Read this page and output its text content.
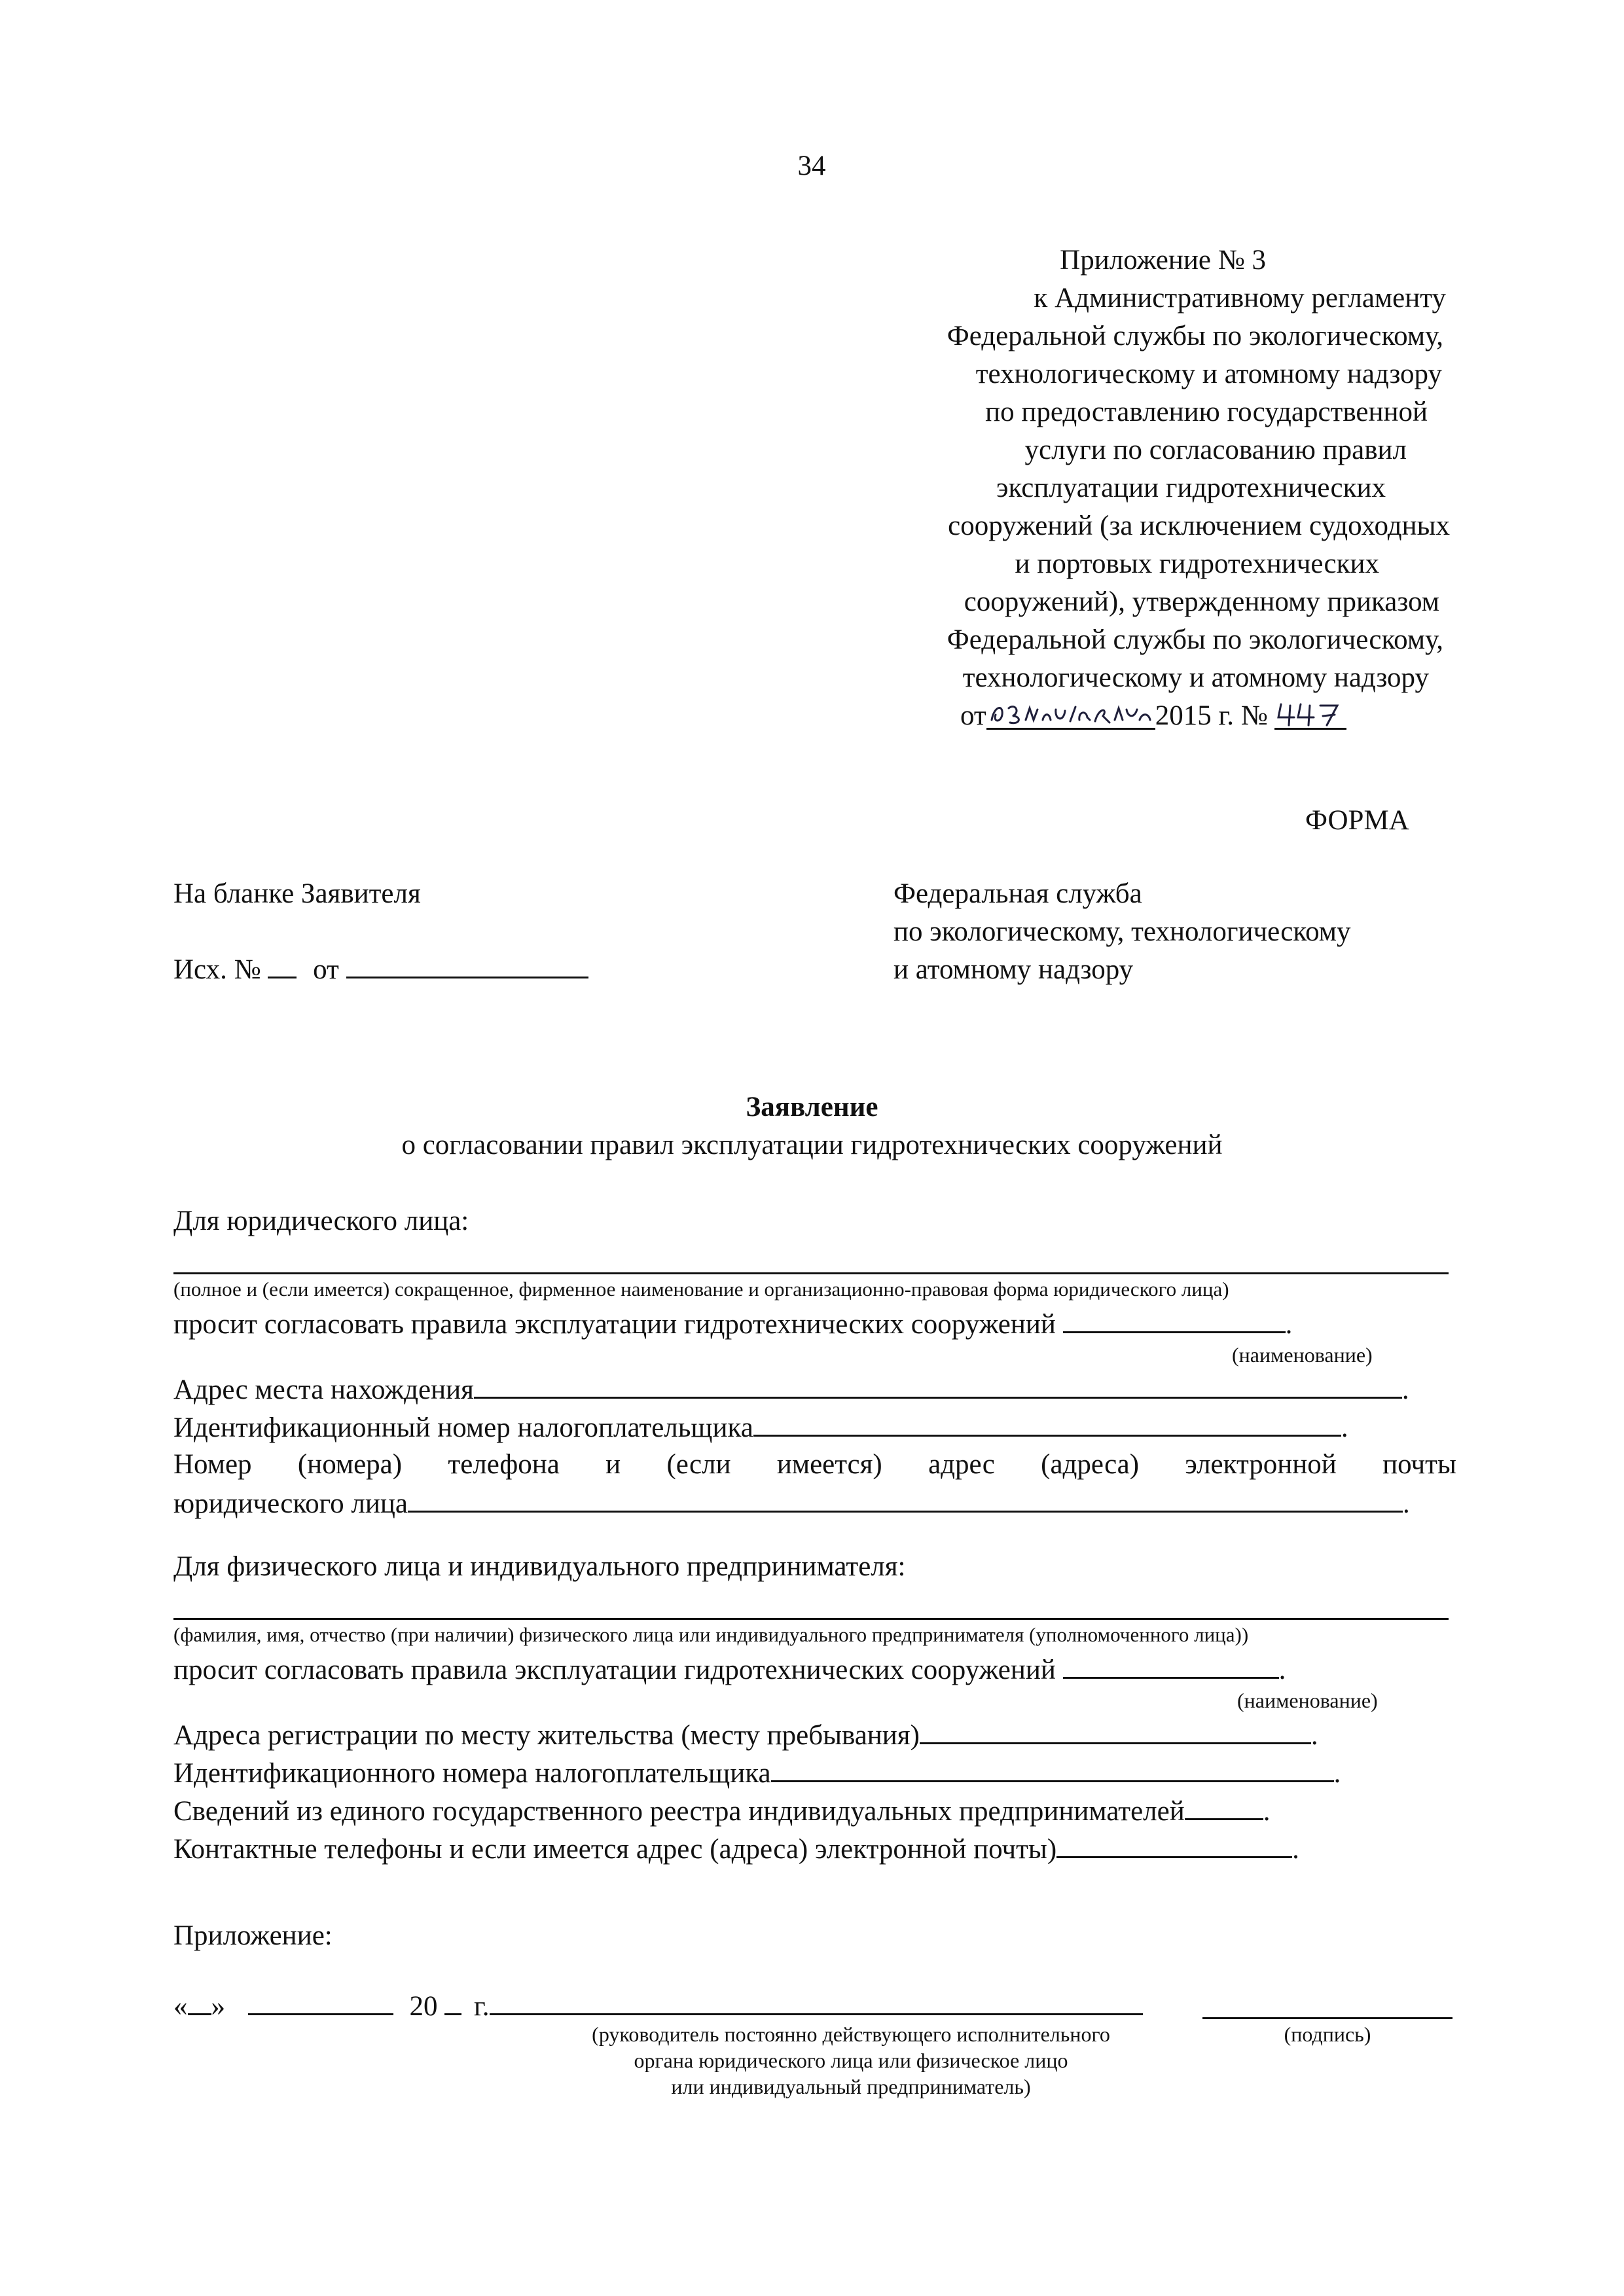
34
Приложение № 3
к Административному регламенту
Федеральной службы по экологическому,
технологическому и атомному надзору
по предоставлению государственной
услуги по согласованию правил
эксплуатации гидротехнических
сооружений (за исключением судоходных
и портовых гидротехнических
сооружений), утвержденному приказом
Федеральной службы по экологическому,
технологическому и атомному надзору
от	2015 г. №
ФОРМА
На бланке Заявителя
Исх. № от
Федеральная служба
по экологическому, технологическому
и атомному надзору
Заявление
о согласовании правил эксплуатации гидротехнических сооружений
Для юридического лица:
(полное и (если имеется) сокращенное, фирменное наименование и организационно-правовая форма юридического лица)
просит согласовать правила эксплуатации гидротехнических сооружений	.
(наименование)
Адрес места нахождения	.
Идентификационный номер налогоплательщика	.
Номер (номера) телефона и (если имеется) адрес (адреса) электронной почты
юридического лица	.
Для физического лица и индивидуального предпринимателя:
(фамилия, имя, отчество (при наличии) физического лица или индивидуального предпринимателя (уполномоченного лица))
просит согласовать правила эксплуатации гидротехнических сооружений	.
(наименование)
Адреса регистрации по месту жительства (месту пребывания)	.
Идентификационного номера налогоплательщика	.
Сведений из единого государственного реестра индивидуальных предпринимателей	.
Контактные телефоны и если имеется адрес (адреса) электронной почты)	.
Приложение:
« »	20 г.
(руководитель постоянно действующего исполнительного
органа юридического лица или физическое лицо
или индивидуальный предприниматель)
(подпись)
